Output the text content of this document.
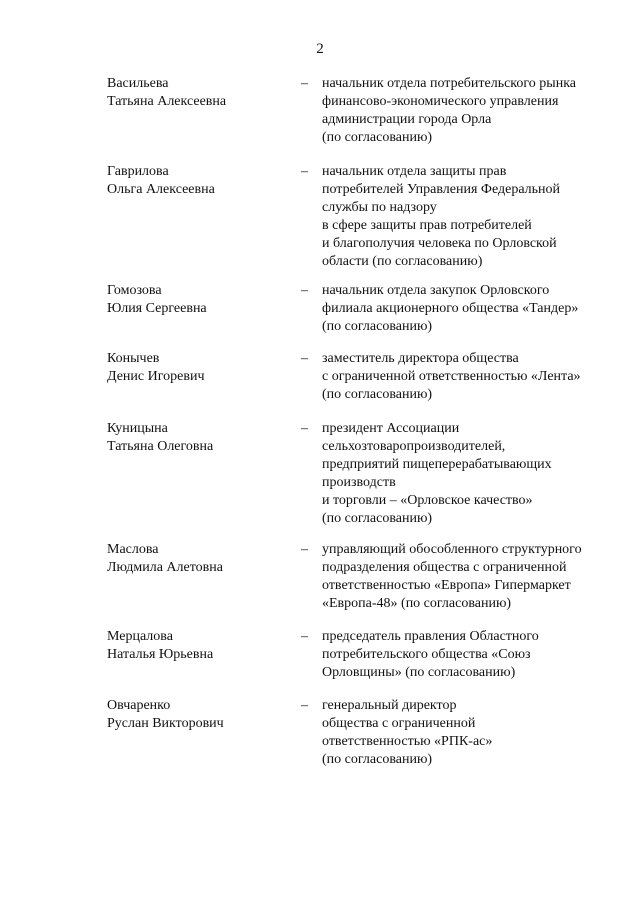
2
Васильева
Татьяна Алексеевна
– начальник отдела потребительского рынка
финансово-экономического управления
администрации города Орла
(по согласованию)
Гаврилова
Ольга Алексеевна
– начальник отдела защиты прав
потребителей Управления Федеральной
службы по надзору
в сфере защиты прав потребителей
и благополучия человека по Орловской
области (по согласованию)
Гомозова
Юлия Сергеевна
– начальник отдела закупок Орловского
филиала акционерного общества «Тандер»
(по согласованию)
Конычев
Денис Игоревич
– заместитель директора общества
с ограниченной ответственностью «Лента»
(по согласованию)
Куницына
Татьяна Олеговна
– президент Ассоциации
сельхозтоваропроизводителей,
предприятий пищеперерабатывающих
производств
и торговли – «Орловское качество»
(по согласованию)
Маслова
Людмила Алетовна
– управляющий обособленного структурного
подразделения общества с ограниченной
ответственностью «Европа» Гипермаркет
«Европа-48» (по согласованию)
Мерцалова
Наталья Юрьевна
– председатель правления Областного
потребительского общества «Союз
Орловщины» (по согласованию)
Овчаренко
Руслан Викторович
– генеральный директор
общества с ограниченной
ответственностью «РПК-ас»
(по согласованию)
